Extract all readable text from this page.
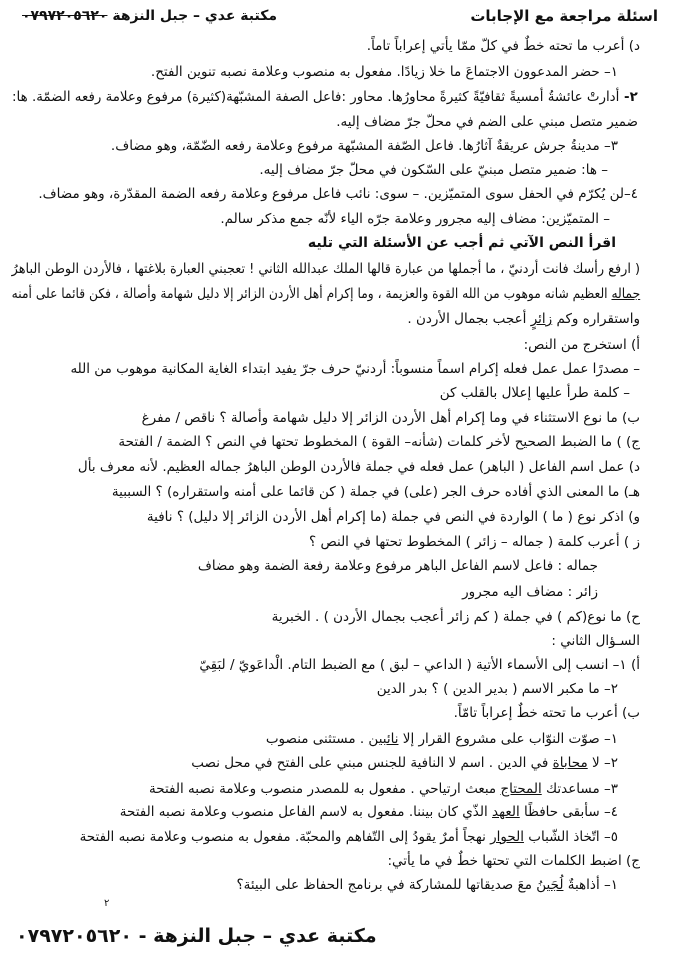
اسئلة مراجعة مع الإجابات
مكتبة عدي – جبل النزهة ٠٧٩٧٢٠٥٦٢٠
د) أعرب ما تحته خطٌ في كلّ ممّا يأتي إعراباً تاماً.
١– حضر المدعوون الاجتماعَ ما خلا زيادًا. مفعول به منصوب وعلامة نصبه تنوين الفتح.
٢- أدارتْ عائشةُ أمسيةً ثقافيّةً كثيرةً محاورُها. محاور :فاعل الصفة المشبّهة(كثيرة) مرفوع وعلامة رفعه الضمّة. ها:
ضمير متصل مبني على الضم في محلّ جرّ مضاف إليه.
٣– مدينةُ جرش عريقةٌ آثارُها. فاعل الصّفة المشبّهة مرفوع وعلامة رفعه الضّمّة، وهو مضاف.
– ها: ضمير متصل مبنيّ على السّكون في محلّ جرّ مضاف إليه.
٤–لن يُكرّم في الحفل سوى المتميّزين. – سوى: نائب فاعل مرفوع وعلامة رفعه الضمة المقدّرة، وهو مضاف.
– المتميّزين: مضاف إليه مجرور وعلامة جرّه الياء لأنّه جمع مذكر سالم.
اقرأ النص الآتي ثم أجب عن الأسئلة التي تليه
( ارفع رأسك فانت أردنيّ ، ما أجملها من عبارة قالها الملك عبدالله الثاني ! تعجبني العبارة بلاغتها ، فالأردن الوطن الباهرُ
جماله العظيم شانه موهوب من الله القوة والعزيمة ، وما إكرام أهل الأردن الزائر إلا دليل شهامة وأصالة ، فكن قائما على أمنه
واستقراره وكم زائرٍ أعجب بجمال الأردن .
أ) استخرج من النص:
– مصدرًا عمل عمل فعله إكرام اسماً منسوباً: أردنيّ حرف جرّ يفيد ابتداء الغاية المكانية موهوب من الله
– كلمة طرأ عليها إعلال بالقلب كن
ب) ما نوع الاستثناء في وما إكرام أهل الأردن الزائر إلا دليل شهامة وأصالة ؟ ناقص / مفرغ
ج) ) ما الضبط الصحيح لأخر كلمات (شأنه– القوة ) المخطوط تحتها في النص ؟ الضمة / الفتحة
د) عمل اسم الفاعل ( الباهر) عمل فعله في جملة فالأردن الوطن الباهرُ جماله العظيم. لأنه معرف بأل
هـ) ما المعنى الذي أفاده حرف الجر (على) في جملة ( كن قائما على أمنه واستقراره) ؟ السببية
و) اذكر نوع ( ما ) الواردة في النص في جملة (ما إكرام أهل الأردن الزائر إلا دليل) ؟ نافية
ز ) أعرب كلمة ( جماله – زائر ) المخطوط تحتها في النص ؟
جماله : فاعل لاسم الفاعل الباهر مرفوع وعلامة رفعة الضمة وهو مضاف
زائر : مضاف اليه مجرور
ح) ما نوع(كم ) في جملة ( كم زائر أعجب بجمال الأردن ) . الخبرية
السـؤال الثاني :
أ) ١– انسب إلى الأسماء الأتية ( الداعي – لبق ) مع الضبط التام. الْداعَويّ / لبَقِيّ
٢– ما مكبر الاسم ( بدير الدين ) ؟ بدر الدين
ب) أعرب ما تحته خطٌ إعراباً تامّاً.
١– صوّت النوّاب على مشروع القرار إلا نائبين . مستثنى منصوب
٢– لا محاباة في الدين . اسم لا النافية للجنس مبني على الفتح في محل نصب
٣– مساعدتك المحتاج مبعث ارتياحي . مفعول به للمصدر منصوب وعلامة نصبه الفتحة
٤– سأبقى حافظًا العهد الذّي كان بيننا. مفعول به لاسم الفاعل منصوب وعلامة نصبه الفتحة
٥– اتّخاذ الشّباب الحوار نهجاً أمرٌ يقودُ إلى التّفاهم والمحبّة. مفعول به منصوب وعلامة نصبه الفتحة
ج) اضبط الكلمات التي تحتها خطٌ في ما يأتي:
١– أذاهبةٌ لُجَينُ معَ صديقاتها للمشاركة في برنامج الحفاظ على البيئة؟
٢
مكتبة عدي – جبل النزهة - ٠٧٩٧٢٠٥٦٢٠
